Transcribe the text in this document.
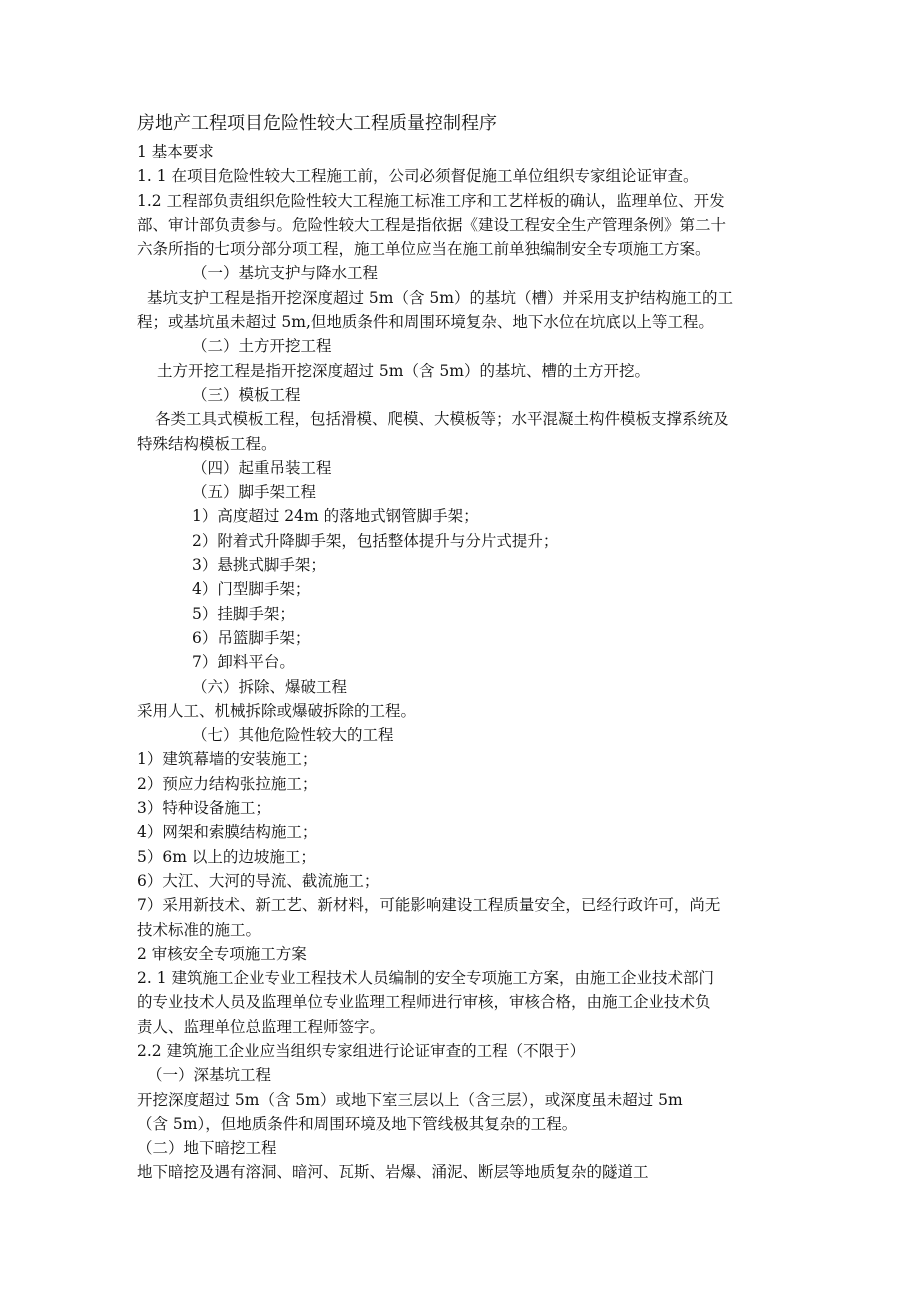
房地产工程项目危险性较大工程质量控制程序
1 基本要求
1. 1 在项目危险性较大工程施工前，公司必须督促施工单位组织专家组论证审查。
1.2 工程部负责组织危险性较大工程施工标准工序和工艺样板的确认，监理单位、开发
部、审计部负责参与。危险性较大工程是指依据《建设工程安全生产管理条例》第二十
六条所指的七项分部分项工程，施工单位应当在施工前单独编制安全专项施工方案。
（一）基坑支护与降水工程
基坑支护工程是指开挖深度超过 5m（含 5m）的基坑（槽）并采用支护结构施工的工
程；或基坑虽未超过 5m,但地质条件和周围环境复杂、地下水位在坑底以上等工程。
（二）土方开挖工程
土方开挖工程是指开挖深度超过 5m（含 5m）的基坑、槽的土方开挖。
（三）模板工程
各类工具式模板工程，包括滑模、爬模、大模板等；水平混凝土构件模板支撑系统及
特殊结构模板工程。
（四）起重吊装工程
（五）脚手架工程
1）高度超过 24m 的落地式钢管脚手架；
2）附着式升降脚手架，包括整体提升与分片式提升；
3）悬挑式脚手架；
4）门型脚手架；
5）挂脚手架；
6）吊篮脚手架；
7）卸料平台。
（六）拆除、爆破工程
采用人工、机械拆除或爆破拆除的工程。
（七）其他危险性较大的工程
1）建筑幕墙的安装施工；
2）预应力结构张拉施工；
3）特种设备施工；
4）网架和索膜结构施工；
5）6m 以上的边坡施工；
6）大江、大河的导流、截流施工；
7）采用新技术、新工艺、新材料，可能影响建设工程质量安全，已经行政许可，尚无
技术标准的施工。
2 审核安全专项施工方案
2. 1 建筑施工企业专业工程技术人员编制的安全专项施工方案，由施工企业技术部门
的专业技术人员及监理单位专业监理工程师进行审核，审核合格，由施工企业技术负
责人、监理单位总监理工程师签字。
2.2 建筑施工企业应当组织专家组进行论证审查的工程（不限于）
（一）深基坑工程
开挖深度超过 5m（含 5m）或地下室三层以上（含三层），或深度虽未超过 5m
（含 5m），但地质条件和周围环境及地下管线极其复杂的工程。
（二）地下暗挖工程
地下暗挖及遇有溶洞、暗河、瓦斯、岩爆、涌泥、断层等地质复杂的隧道工
